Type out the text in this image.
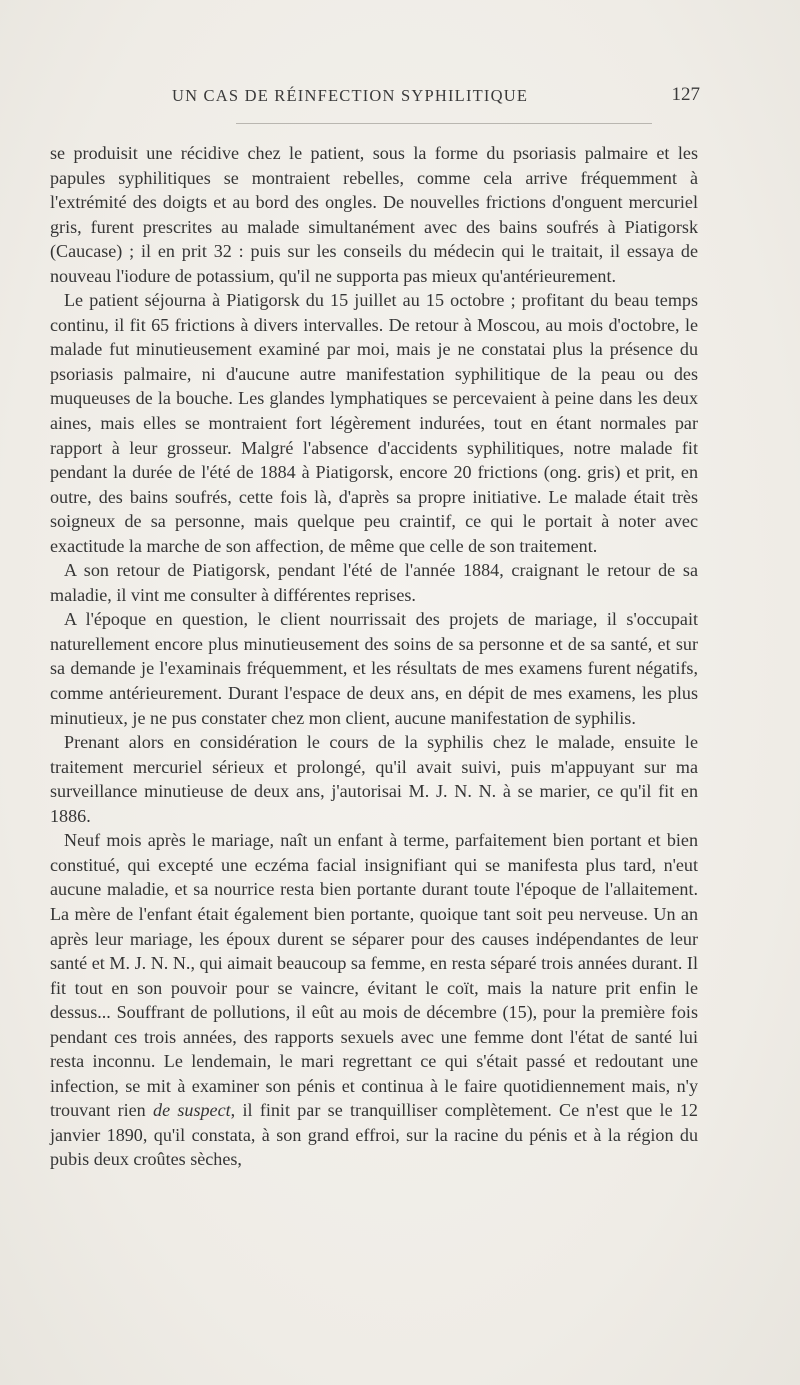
UN CAS DE RÉINFECTION SYPHILITIQUE	127

se produisit une récidive chez le patient, sous la forme du psoriasis palmaire et les papules syphilitiques se montraient rebelles, comme cela arrive fréquemment à l'extrémité des doigts et au bord des ongles. De nouvelles frictions d'onguent mercuriel gris, furent prescrites au malade simultanément avec des bains soufrés à Piatigorsk (Caucase) ; il en prit 32 : puis sur les conseils du médecin qui le traitait, il essaya de nouveau l'iodure de potassium, qu'il ne supporta pas mieux qu'antérieurement.

Le patient séjourna à Piatigorsk du 15 juillet au 15 octobre ; profitant du beau temps continu, il fit 65 frictions à divers intervalles. De retour à Moscou, au mois d'octobre, le malade fut minutieusement examiné par moi, mais je ne constatai plus la présence du psoriasis palmaire, ni d'aucune autre manifestation syphilitique de la peau ou des muqueuses de la bouche. Les glandes lymphatiques se percevaient à peine dans les deux aines, mais elles se montraient fort légèrement indurées, tout en étant normales par rapport à leur grosseur. Malgré l'absence d'accidents syphilitiques, notre malade fit pendant la durée de l'été de 1884 à Piatigorsk, encore 20 frictions (ong. gris) et prit, en outre, des bains soufrés, cette fois là, d'après sa propre initiative. Le malade était très soigneux de sa personne, mais quelque peu craintif, ce qui le portait à noter avec exactitude la marche de son affection, de même que celle de son traitement.

A son retour de Piatigorsk, pendant l'été de l'année 1884, craignant le retour de sa maladie, il vint me consulter à différentes reprises.

A l'époque en question, le client nourrissait des projets de mariage, il s'occupait naturellement encore plus minutieusement des soins de sa personne et de sa santé, et sur sa demande je l'examinais fréquemment, et les résultats de mes examens furent négatifs, comme antérieurement. Durant l'espace de deux ans, en dépit de mes examens, les plus minutieux, je ne pus constater chez mon client, aucune manifestation de syphilis.

Prenant alors en considération le cours de la syphilis chez le malade, ensuite le traitement mercuriel sérieux et prolongé, qu'il avait suivi, puis m'appuyant sur ma surveillance minutieuse de deux ans, j'autorisai M. J. N. N. à se marier, ce qu'il fit en 1886.

Neuf mois après le mariage, naît un enfant à terme, parfaitement bien portant et bien constitué, qui excepté une eczéma facial insignifiant qui se manifesta plus tard, n'eut aucune maladie, et sa nourrice resta bien portante durant toute l'époque de l'allaitement. La mère de l'enfant était également bien portante, quoique tant soit peu nerveuse. Un an après leur mariage, les époux durent se séparer pour des causes indépendantes de leur santé et M. J. N. N., qui aimait beaucoup sa femme, en resta séparé trois années durant. Il fit tout en son pouvoir pour se vaincre, évitant le coït, mais la nature prit enfin le dessus... Souffrant de pollutions, il eût au mois de décembre (15), pour la première fois pendant ces trois années, des rapports sexuels avec une femme dont l'état de santé lui resta inconnu. Le lendemain, le mari regrettant ce qui s'était passé et redoutant une infection, se mit à examiner son pénis et continua à le faire quotidiennement mais, n'y trouvant rien de suspect, il finit par se tranquilliser complètement. Ce n'est que le 12 janvier 1890, qu'il constata, à son grand effroi, sur la racine du pénis et à la région du pubis deux croûtes sèches,
